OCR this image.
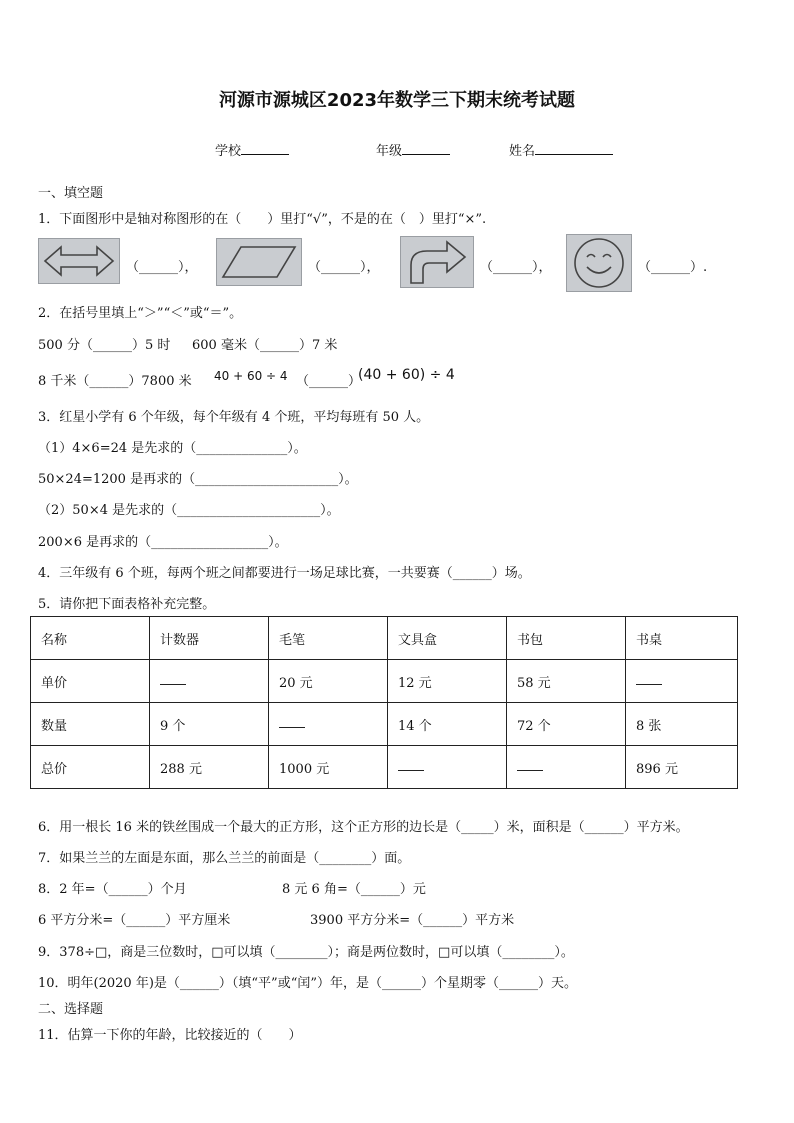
河源市源城区2023年数学三下期末统考试题
学校	年级	姓名
一、填空题
1．下面图形中是轴对称图形的在（　　）里打“√”，不是的在（　）里打“×”.
（______），	（______），	（______），	（______）.
2．在括号里填上“＞”“＜”或“＝”。
500 分（______）5 时 600 毫米（______）7 米
8 千米（______）7800 米 40 + 60 ÷ 4 （______）
(40 + 60) ÷ 4
3．红星小学有 6 个年级，每个年级有 4 个班，平均每班有 50 人。
（1）4×6=24 是先求的（______________）。
50×24=1200 是再求的（______________________）。
（2）50×4 是先求的（______________________）。
200×6 是再求的（__________________）。
4．三年级有 6 个班，每两个班之间都要进行一场足球比赛，一共要赛（______）场。
5．请你把下面表格补充完整。
名称	计数器	毛笔	文具盒	书包	书桌
单价		20 元	12 元	58 元	
数量	9 个		14 个	72 个	8 张
总价	288 元	1000 元			896 元
6．用一根长 16 米的铁丝围成一个最大的正方形，这个正方形的边长是（_____）米，面积是（______）平方米。
7．如果兰兰的左面是东面，那么兰兰的前面是（________）面。
8．2 年=（______）个月	8 元 6 角=（______）元
6 平方分米=（______）平方厘米	3900 平方分米=（______）平方米
9．378÷□，商是三位数时，□可以填（________）；商是两位数时，□可以填（________）。
10．明年(2020 年)是（______）（填“平”或“闰”）年，是（______）个星期零（______）天。
二、选择题
11．估算一下你的年龄，比较接近的（　　）
